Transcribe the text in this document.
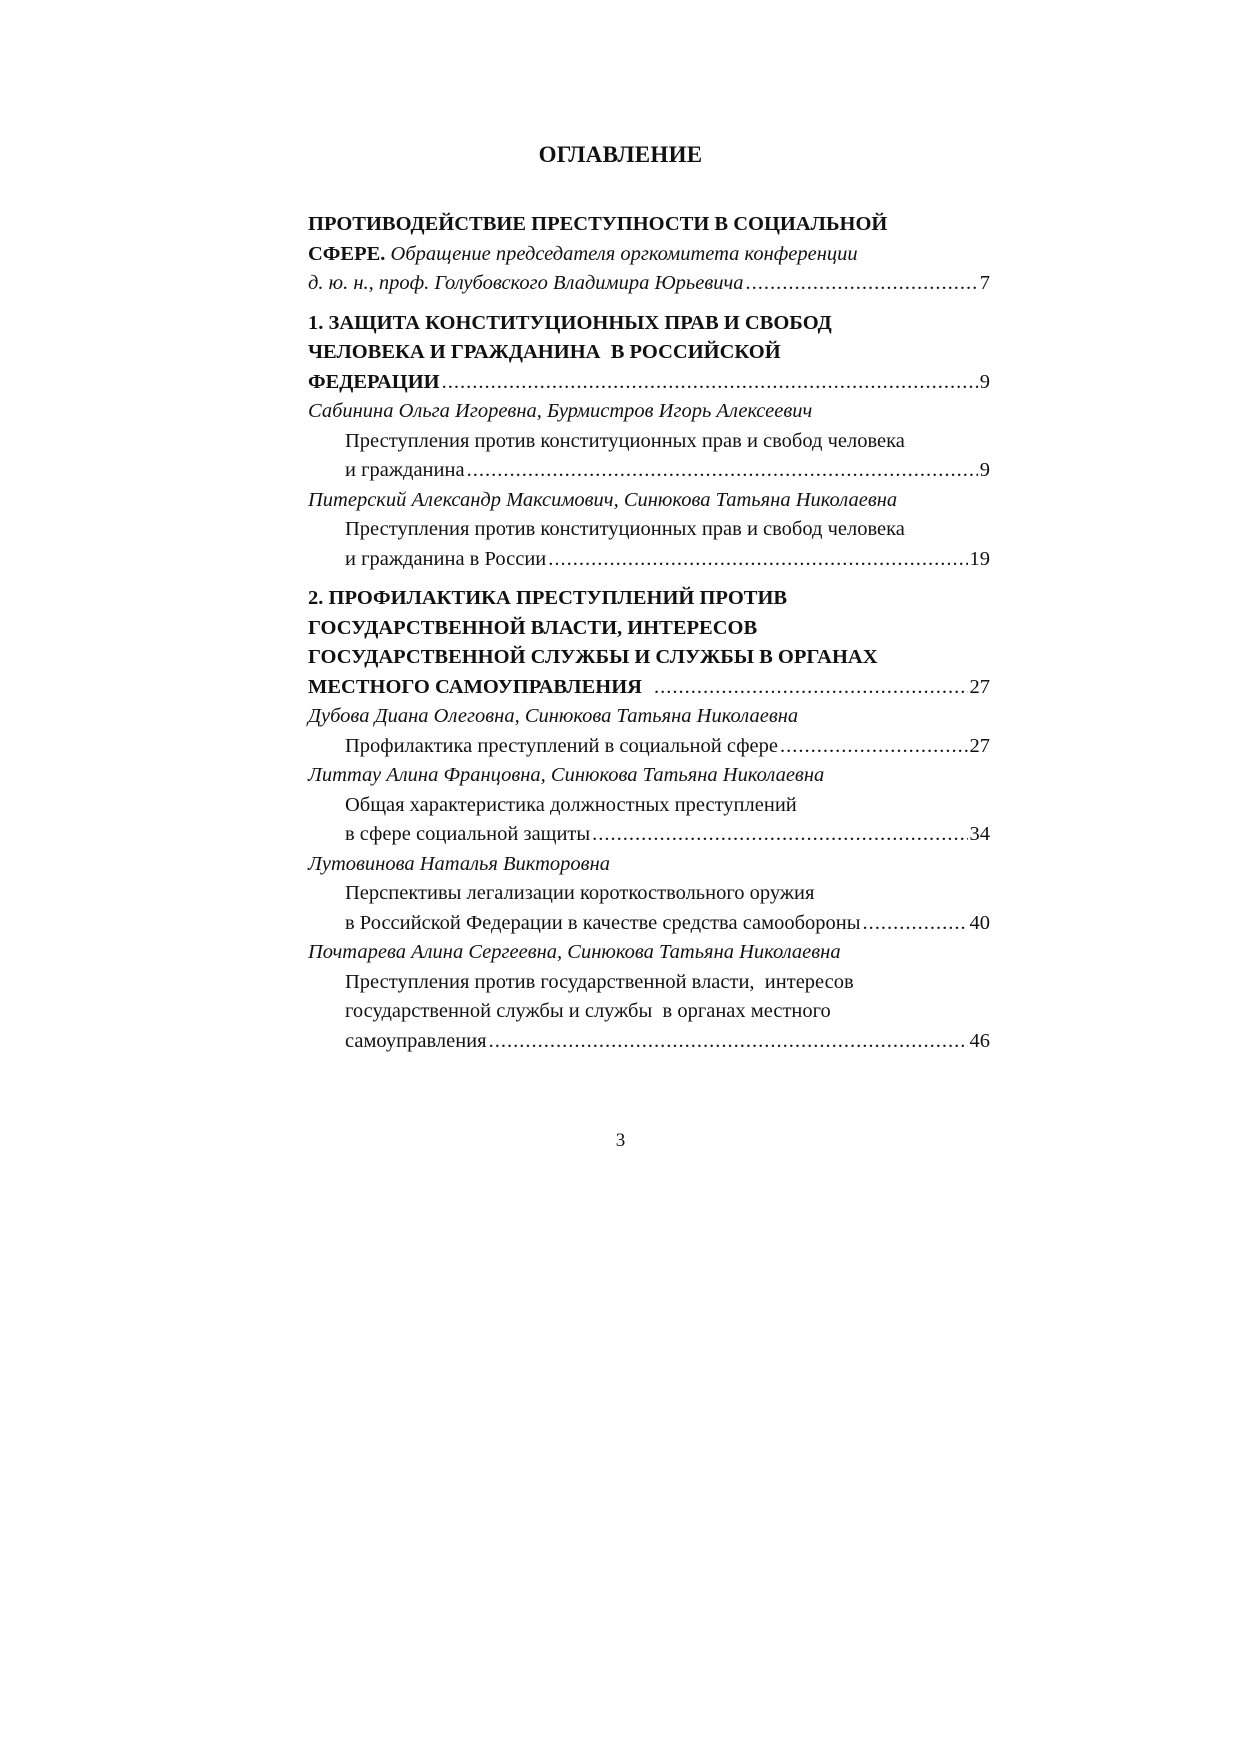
ОГЛАВЛЕНИЕ
ПРОТИВОДЕЙСТВИЕ ПРЕСТУПНОСТИ В СОЦИАЛЬНОЙ
СФЕРЕ. Обращение председателя оргкомитета конференции
д. ю. н., проф. Голубовского Владимира Юрьевича .....	7
1. ЗАЩИТА КОНСТИТУЦИОННЫХ ПРАВ И СВОБОД
ЧЕЛОВЕКА И ГРАЖДАНИНА  В РОССИЙСКОЙ
ФЕДЕРАЦИИ .....	9
Сабинина Ольга Игоревна, Бурмистров Игорь Алексеевич
Преступления против конституционных прав и свобод человека
и гражданина .....	9
Питерский Александр Максимович, Синюкова Татьяна Николаевна
Преступления против конституционных прав и свобод человека
и гражданина в России .....	19
2. ПРОФИЛАКТИКА ПРЕСТУПЛЕНИЙ ПРОТИВ
ГОСУДАРСТВЕННОЙ ВЛАСТИ, ИНТЕРЕСОВ
ГОСУДАРСТВЕННОЙ СЛУЖБЫ И СЛУЖБЫ В ОРГАНАХ
МЕСТНОГО САМОУПРАВЛЕНИЯ .....	27
Дубова Диана Олеговна, Синюкова Татьяна Николаевна
Профилактика преступлений в социальной сфере .....	27
Литтау Алина Францовна, Синюкова Татьяна Николаевна
Общая характеристика должностных преступлений
в сфере социальной защиты .....	34
Лутовинова Наталья Викторовна
Перспективы легализации короткоствольного оружия
в Российской Федерации в качестве средства самообороны .....	40
Почтарева Алина Сергеевна, Синюкова Татьяна Николаевна
Преступления против государственной власти,  интересов
государственной службы и службы  в органах местного
самоуправления .....	46
3
